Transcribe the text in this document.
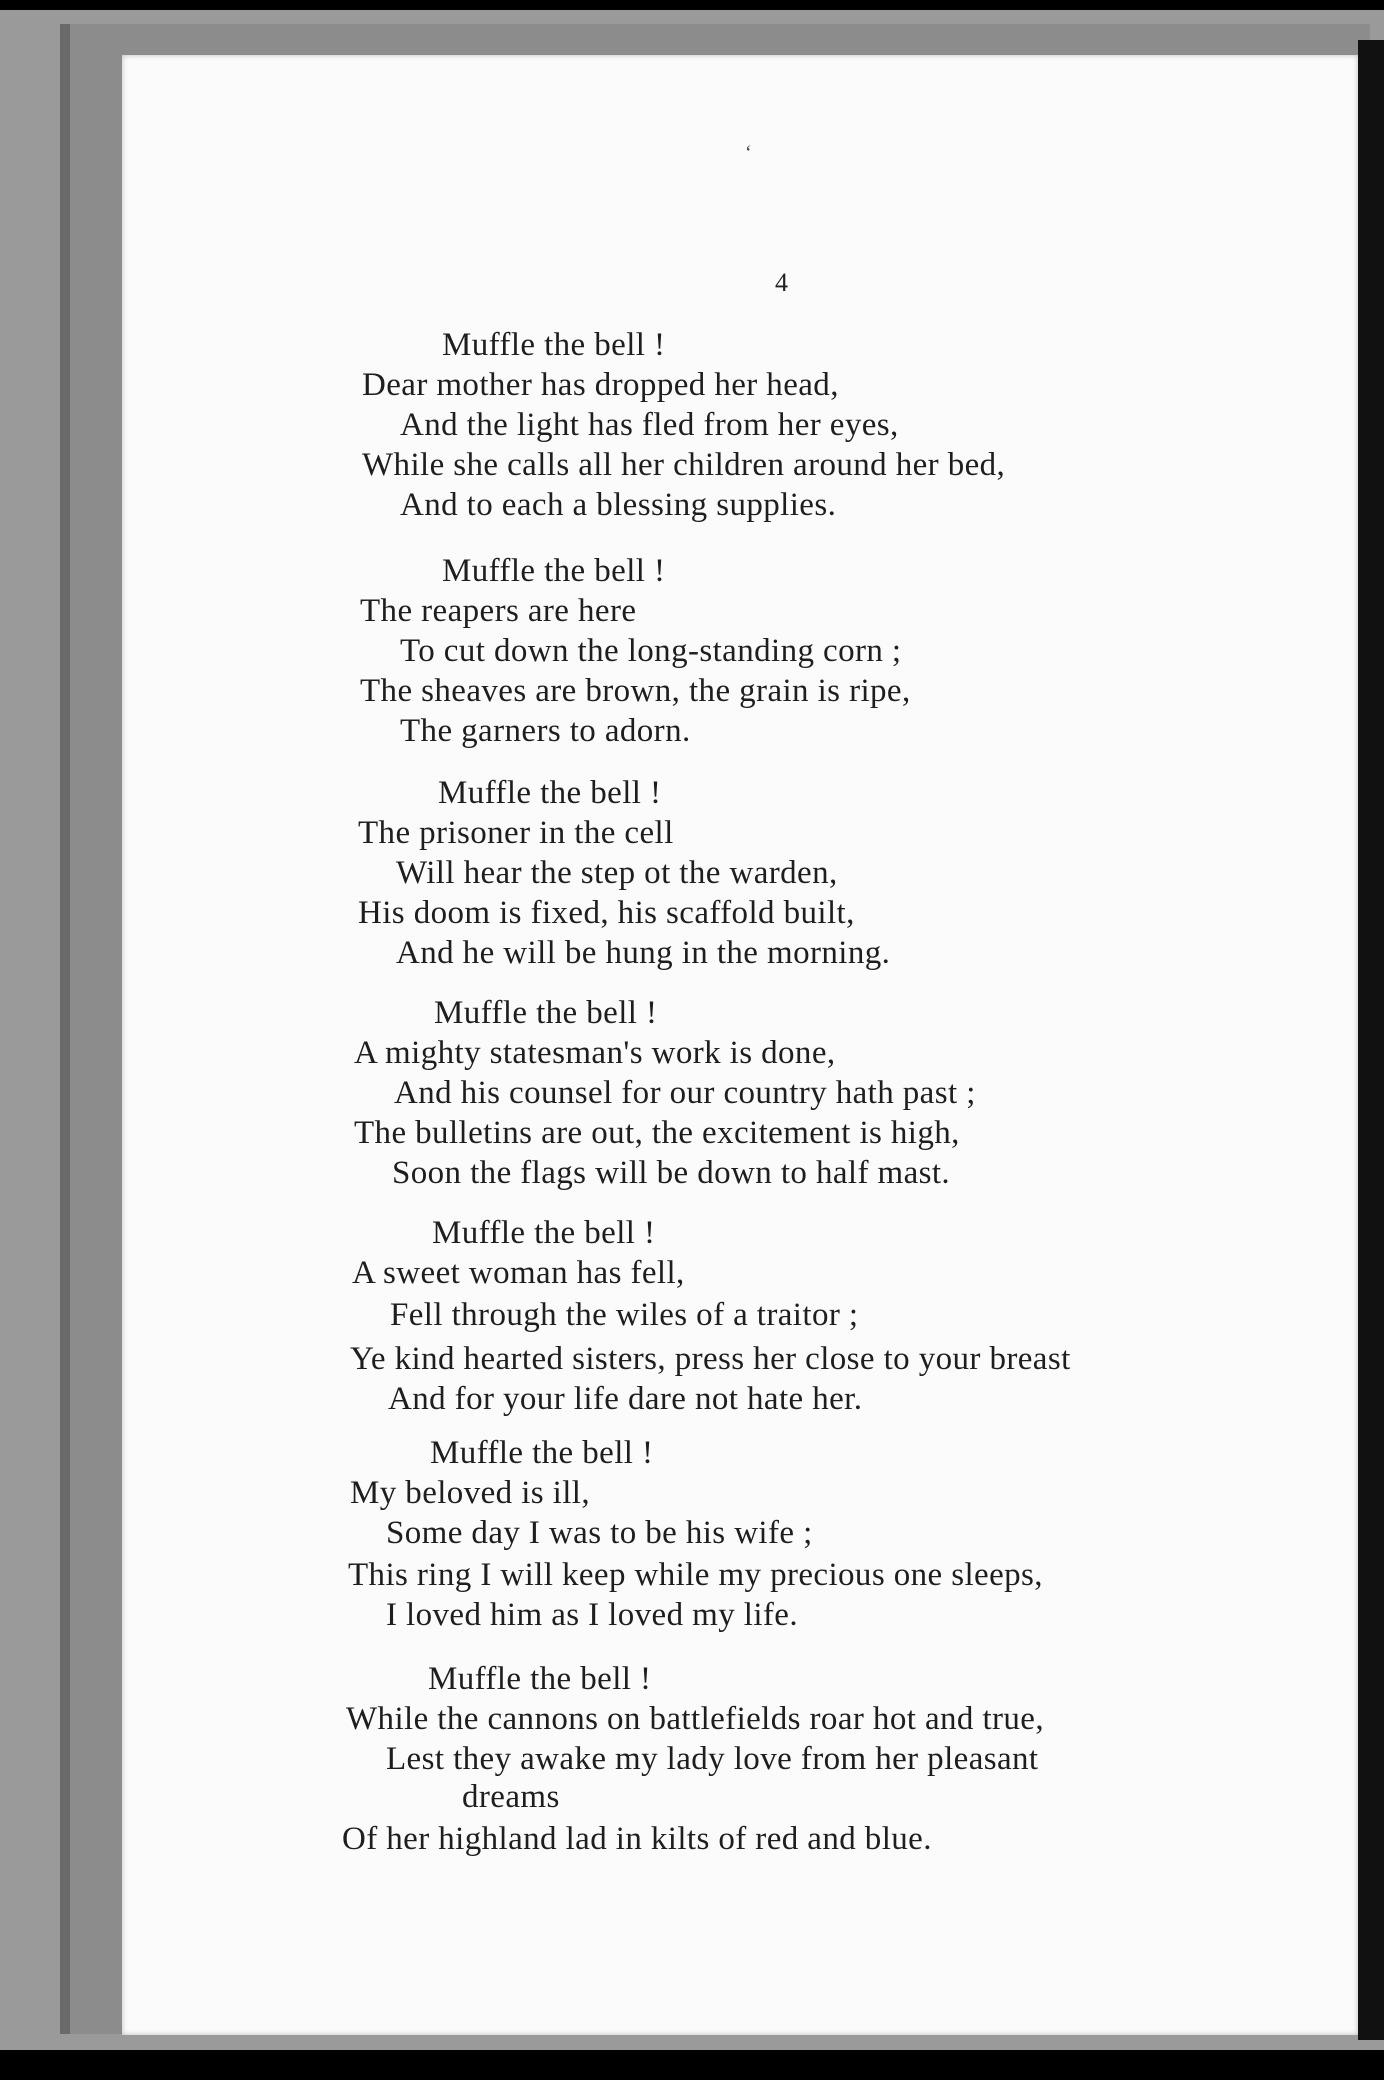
ʻ
4
Muffle the bell !
Dear mother has dropped her head,
And the light has fled from her eyes,
While she calls all her children around her bed,
And to each a blessing supplies.
Muffle the bell !
The reapers are here
To cut down the long-standing corn ;
The sheaves are brown, the grain is ripe,
The garners to adorn.
Muffle the bell !
The prisoner in the cell
Will hear the step ot the warden,
His doom is fixed, his scaffold built,
And he will be hung in the morning.
Muffle the bell !
A mighty statesman's work is done,
And his counsel for our country hath past ;
The bulletins are out, the excitement is high,
Soon the flags will be down to half mast.
Muffle the bell !
A sweet woman has fell,
Fell through the wiles of a traitor ;
Ye kind hearted sisters, press her close to your breast
And for your life dare not hate her.
Muffle the bell !
My beloved is ill,
Some day I was to be his wife ;
This ring I will keep while my precious one sleeps,
I loved him as I loved my life.
Muffle the bell !
While the cannons on battlefields roar hot and true,
Lest they awake my lady love from her pleasant
dreams
Of her highland lad in kilts of red and blue.
